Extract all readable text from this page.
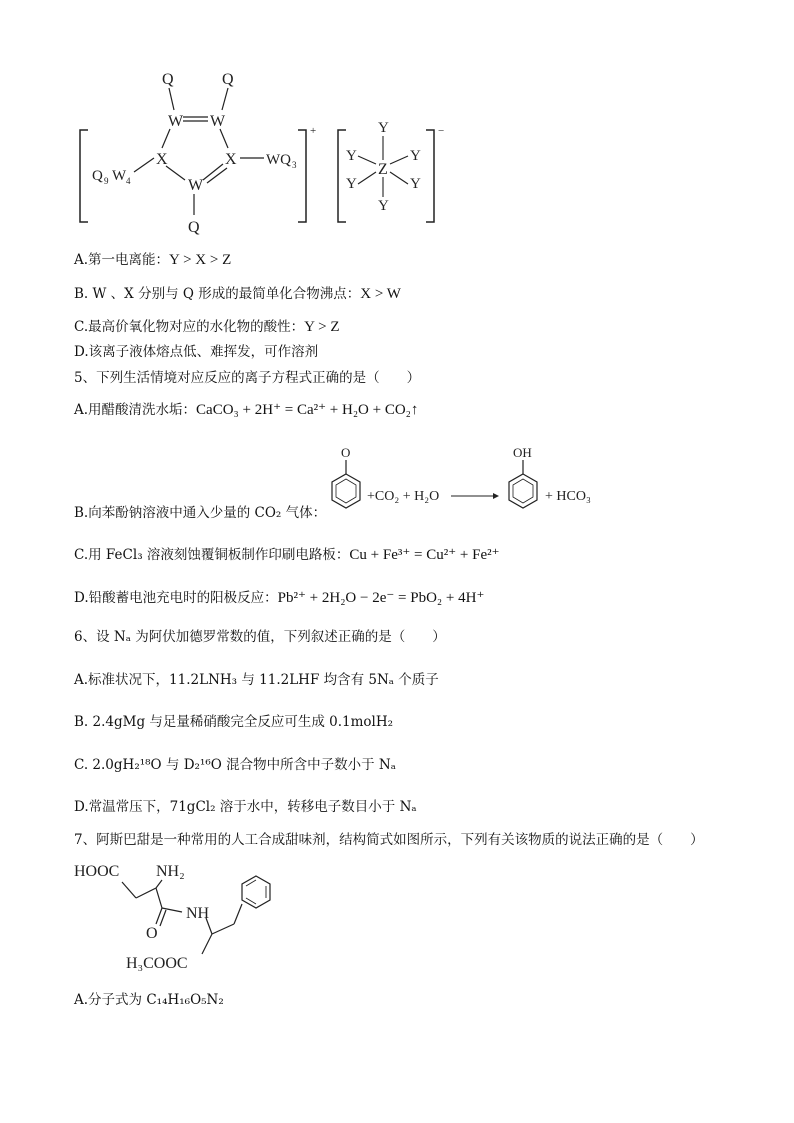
+
Q	Q
W W
Q 9 W 4
X	X WQ 3
W
Q
−
Y
Y	Y
Z
Y	Y
Y
A.第一电离能：Y > X > Z
B. W 、X 分别与 Q 形成的最简单化合物沸点：X > W
C.最高价氧化物对应的水化物的酸性：Y > Z
D.该离子液体熔点低、难挥发，可作溶剂
5、下列生活情境对应反应的离子方程式正确的是（　　）
A.用醋酸清洗水垢：CaCO₃ + 2H⁺ = Ca²⁺ + H₂O + CO₂↑
B.向苯酚钠溶液中通入少量的 CO₂ 气体：
O
+CO₂ + H₂O
OH
+ HCO₃
C.用 FeCl₃ 溶液刻蚀覆铜板制作印刷电路板：Cu + Fe³⁺ = Cu²⁺ + Fe²⁺
D.铅酸蓄电池充电时的阳极反应：Pb²⁺ + 2H₂O − 2e⁻ = PbO₂ + 4H⁺
6、设 Nₐ 为阿伏加德罗常数的值，下列叙述正确的是（　　）
A.标准状况下，11.2LNH₃ 与 11.2LHF 均含有 5Nₐ 个质子
B. 2.4gMg 与足量稀硝酸完全反应可生成 0.1molH₂
C. 2.0gH₂¹⁸O 与 D₂¹⁶O 混合物中所含中子数小于 Nₐ
D.常温常压下，71gCl₂ 溶于水中，转移电子数目小于 Nₐ
7、阿斯巴甜是一种常用的人工合成甜味剂，结构简式如图所示，下列有关该物质的说法正确的是（　　）
HOOC NH₂
NH
O
H₃COOC
A.分子式为 C₁₄H₁₆O₅N₂
